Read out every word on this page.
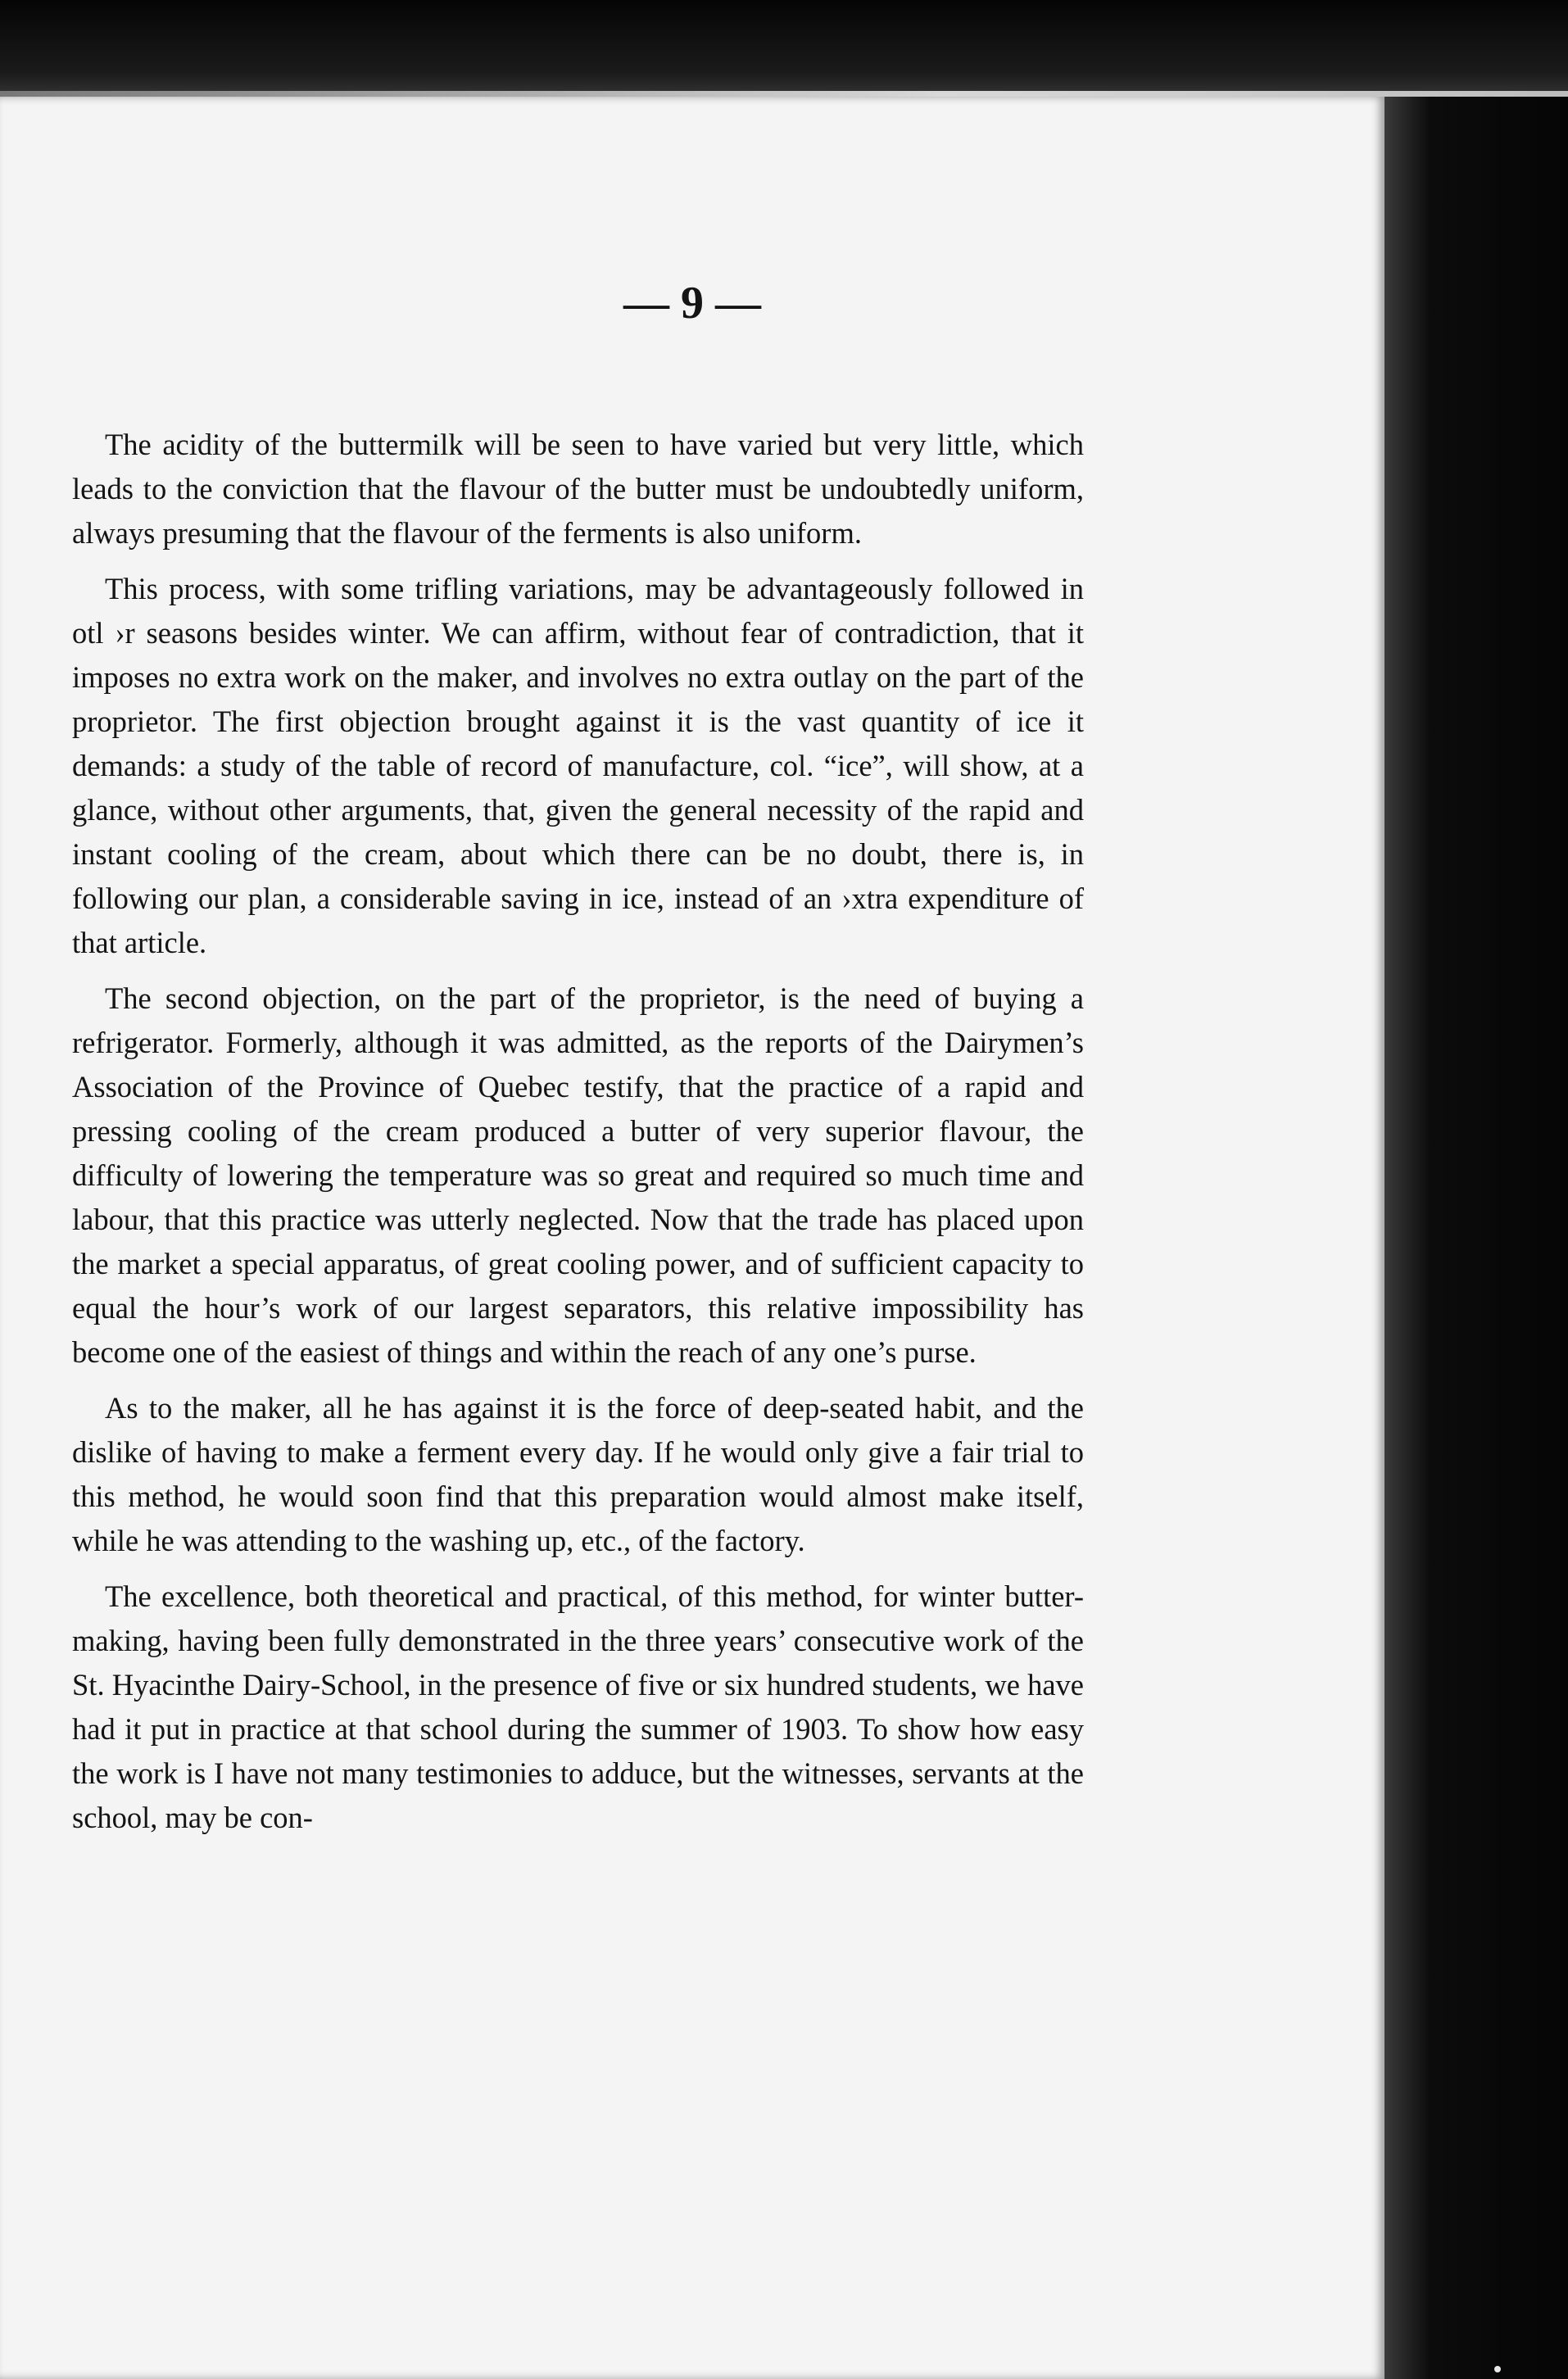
— 9 —

The acidity of the buttermilk will be seen to have varied but very little, which leads to the conviction that the flavour of the butter must be undoubtedly uniform, always presuming that the flavour of the ferments is also uniform.

This process, with some trifling variations, may be advantageously followed in otl ›r seasons besides winter. We can affirm, without fear of contradiction, that it imposes no extra work on the maker, and involves no extra outlay on the part of the proprietor. The first objection brought against it is the vast quantity of ice it demands: a study of the table of record of manufacture, col. “ice”, will show, at a glance, without other arguments, that, given the general necessity of the rapid and instant cooling of the cream, about which there can be no doubt, there is, in following our plan, a considerable saving in ice, instead of an ›xtra expenditure of that article.

The second objection, on the part of the proprietor, is the need of buying a refrigerator. Formerly, although it was admitted, as the reports of the Dairymen’s Association of the Province of Quebec testify, that the practice of a rapid and pressing cooling of the cream produced a butter of very superior flavour, the difficulty of lowering the temperature was so great and required so much time and labour, that this practice was utterly neglected. Now that the trade has placed upon the market a special apparatus, of great cooling power, and of sufficient capacity to equal the hour’s work of our largest separators, this relative impossibility has become one of the easiest of things and within the reach of any one’s purse.

As to the maker, all he has against it is the force of deep-seated habit, and the dislike of having to make a ferment every day. If he would only give a fair trial to this method, he would soon find that this preparation would almost make itself, while he was attending to the washing up, etc., of the factory.

The excellence, both theoretical and practical, of this method, for winter butter-making, having been fully demonstrated in the three years’ consecutive work of the St. Hyacinthe Dairy-School, in the presence of five or six hundred students, we have had it put in practice at that school during the summer of 1903. To show how easy the work is I have not many testimonies to adduce, but the witnesses, servants at the school, may be con-
